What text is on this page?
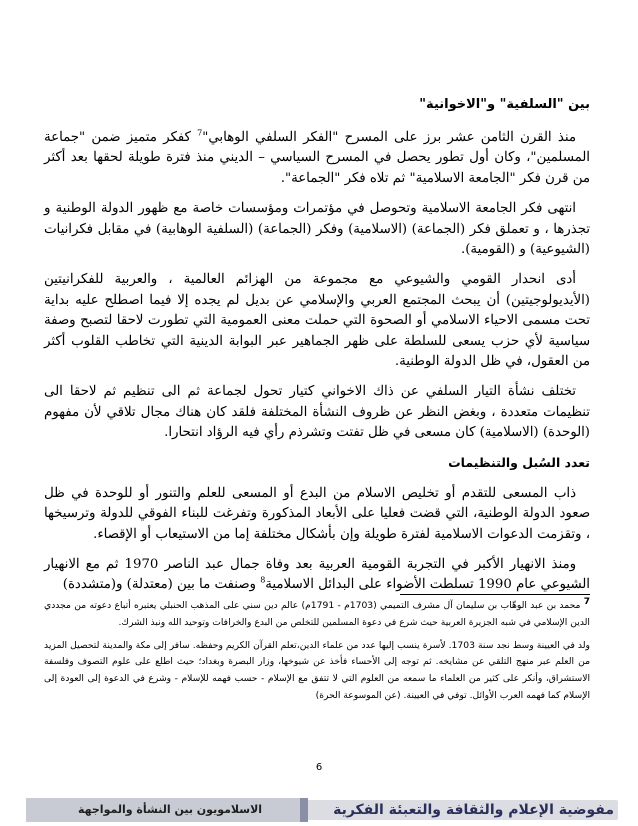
بين "السلفية" و"الاخوانية"

منذ القرن الثامن عشر برز على المسرح "الفكر السلفي الوهابي"$^7$ كفكر متميز ضمن "جماعة المسلمين"، وكان أول تطور يحصل في المسرح السياسي – الديني منذ فترة طويلة لحقها بعد أكثر من قرن فكر "الجامعة الاسلامية" ثم تلاه فكر "الجماعة".

انتهى فكر الجامعة الاسلامية وتحوصل في مؤتمرات ومؤسسات خاصة مع ظهور الدولة الوطنية و تجذرها ، و تعملق فكر (الجماعة) (الاسلامية) وفكر (الجماعة) (السلفية الوهابية) في مقابل فكرانيات (الشيوعية) و (القومية).

أدى انحدار القومي والشيوعي مع مجموعة من الهزائم العالمية ، والعربية للفكرانيتين (الأيديولوجيتين) أن يبحث المجتمع العربي والإسلامي عن بديل لم يجده إلا فيما اصطلح عليه بداية تحت مسمى الاحياء الاسلامي أو الصحوة التي حملت معنى العمومية التي تطورت لاحقا لتصبح وصفة سياسية لأي حزب يسعى للسلطة على ظهر الجماهير عبر البوابة الدينية التي تخاطب القلوب أكثر من العقول، في ظل الدولة الوطنية.

تختلف نشأة التيار السلفي عن ذاك الاخواني كتيار تحول لجماعة ثم الى تنظيم ثم لاحقا الى تنظيمات متعددة ، وبغض النظر عن ظروف النشأة المختلفة فلقد كان هناك مجال تلاقي لأن مفهوم (الوحدة) (الاسلامية) كان مسعى في ظل تفتت وتشرذم رأي فيه الرؤاد انتحارا.

تعدد السُبل والتنظيمات

ذاب المسعى للتقدم أو تخليص الاسلام من البدع أو المسعى للعلم والتنور أو للوحدة في ظل صعود الدولة الوطنية، التي قضت فعليا على الأبعاد المذكورة وتفرغت للبناء الفوقي للدولة وترسيخها ، وتقزمت الدعوات الاسلامية لفترة طويلة وإن بأشكال مختلفة إما من الاستيعاب أو الإقصاء.

ومنذ الانهيار الأكبر في التجربة القومية العربية بعد وفاة جمال عبد الناصر 1970 ثم مع الانهيار الشيوعي عام 1990 تسلطت الأضواء على البدائل الاسلامية$^8$ وصنفت ما بين (معتدلة) و(متشددة)

7 محمد بن عبد الوهّاب بن سليمان آل مشرف التميمي (1703م - 1791م) عالم دين سني على المذهب الحنبلي يعتبره أتباع دعوته من مجددي الدين الإسلامي في شبه الجزيرة العربية حيث شرع في دعوة المسلمين للتخلص من البدع والخرافات وتوحيد الله ونبذ الشرك.

ولد في العيينة وسط نجد سنة 1703. لأسرة ينسب إليها عدد من علماء الدين،تعلم القرآن الكريم وحفظه. سافر إلى مكة والمدينة لتحصيل المزيد من العلم عبر منهج التلقي عن مشايخه. ثم توجه إلى الأحساء فأخذ عن شيوخها، وزار البصرة وبغداد؛ حيث اطلع على علوم التصوف وفلسفة الاستشراق، وأنكر على كثير من العلماء ما سمعه من العلوم التي لا تتفق مع الإسلام - حسب فهمه للإسلام - وشرع في الدعوة إلى العودة إلى الإسلام كما فهمه العرب الأوائل. توفي في العيينة. (عن الموسوعة الحرة)

6
الاسلامويون بين النشأة والمواجهة	مفوضية الإعلام والثقافة والتعبئة الفكرية
